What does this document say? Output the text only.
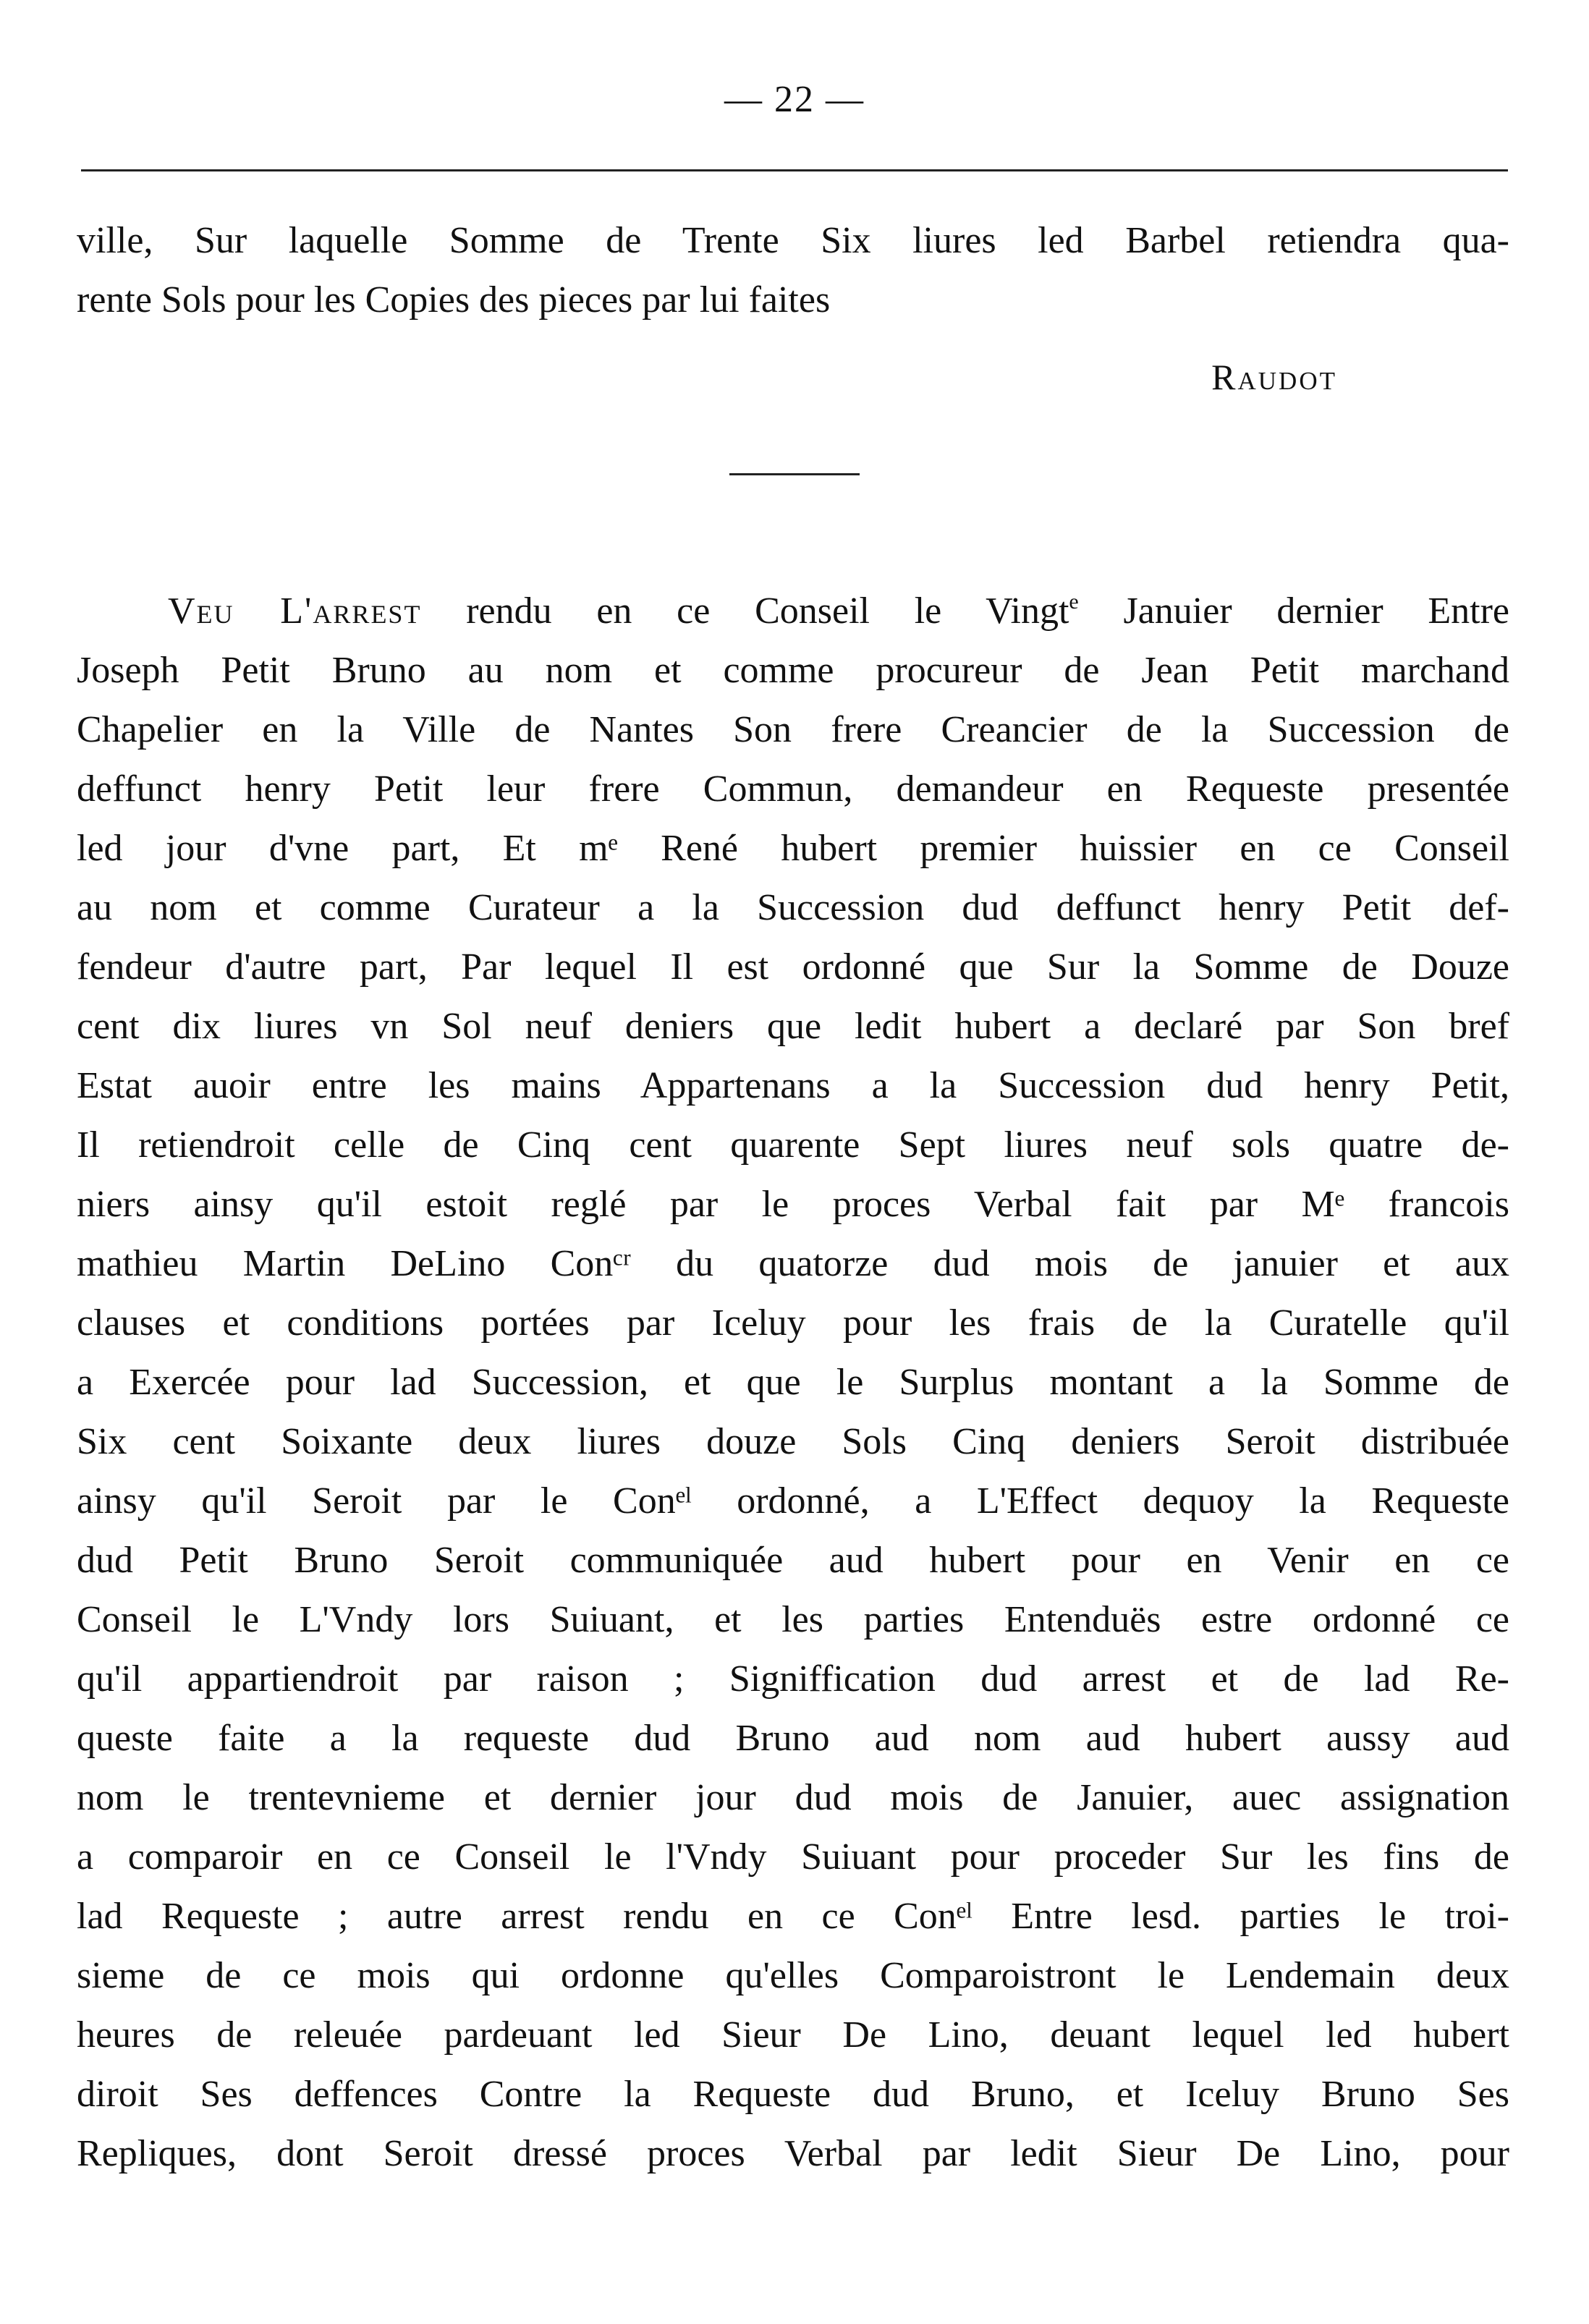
— 22 —
ville, Sur laquelle Somme de Trente Six liures led Barbel retiendra qua-
rente Sols pour les Copies des pieces par lui faites
Raudot
Veu L'arrest rendu en ce Conseil le Vingt$^e$ Januier dernier Entre
Joseph Petit Bruno au nom et comme procureur de Jean Petit marchand
Chapelier en la Ville de Nantes Son frere Creancier de la Succession de
deffunct henry Petit leur frere Commun, demandeur en Requeste presentée
led jour d'vne part, Et mᵉ René hubert premier huissier en ce Conseil
au nom et comme Curateur a la Succession dud deffunct henry Petit def-
fendeur d'autre part, Par lequel Il est ordonné que Sur la Somme de Douze
cent dix liures vn Sol neuf deniers que ledit hubert a declaré par Son bref
Estat auoir entre les mains Appartenans a la Succession dud henry Petit,
Il retiendroit celle de Cinq cent quarente Sept liures neuf sols quatre de-
niers ainsy qu'il estoit reglé par le proces Verbal fait par Mᵉ francois
mathieu Martin DeLino Conᶜʳ du quatorze dud mois de januier et aux
clauses et conditions portées par Iceluy pour les frais de la Curatelle qu'il
a Exercée pour lad Succession, et que le Surplus montant a la Somme de
Six cent Soixante deux liures douze Sols Cinq deniers Seroit distribuée
ainsy qu'il Seroit par le Conᵉˡ ordonné, a L'Effect dequoy la Requeste
dud Petit Bruno Seroit communiquée aud hubert pour en Venir en ce
Conseil le L'Vndy lors Suiuant, et les parties Entenduës estre ordonné ce
qu'il appartiendroit par raison ; Signiffication dud arrest et de lad Re-
queste faite a la requeste dud Bruno aud nom aud hubert aussy aud
nom le trentevnieme et dernier jour dud mois de Januier, auec assignation
a comparoir en ce Conseil le l'Vndy Suiuant pour proceder Sur les fins de
lad Requeste ; autre arrest rendu en ce Conᵉˡ Entre lesd. parties le troi-
sieme de ce mois qui ordonne qu'elles Comparoistront le Lendemain deux
heures de releuée pardeuant led Sieur De Lino, deuant lequel led hubert
diroit Ses deffences Contre la Requeste dud Bruno, et Iceluy Bruno Ses
Repliques, dont Seroit dressé proces Verbal par ledit Sieur De Lino, pour
